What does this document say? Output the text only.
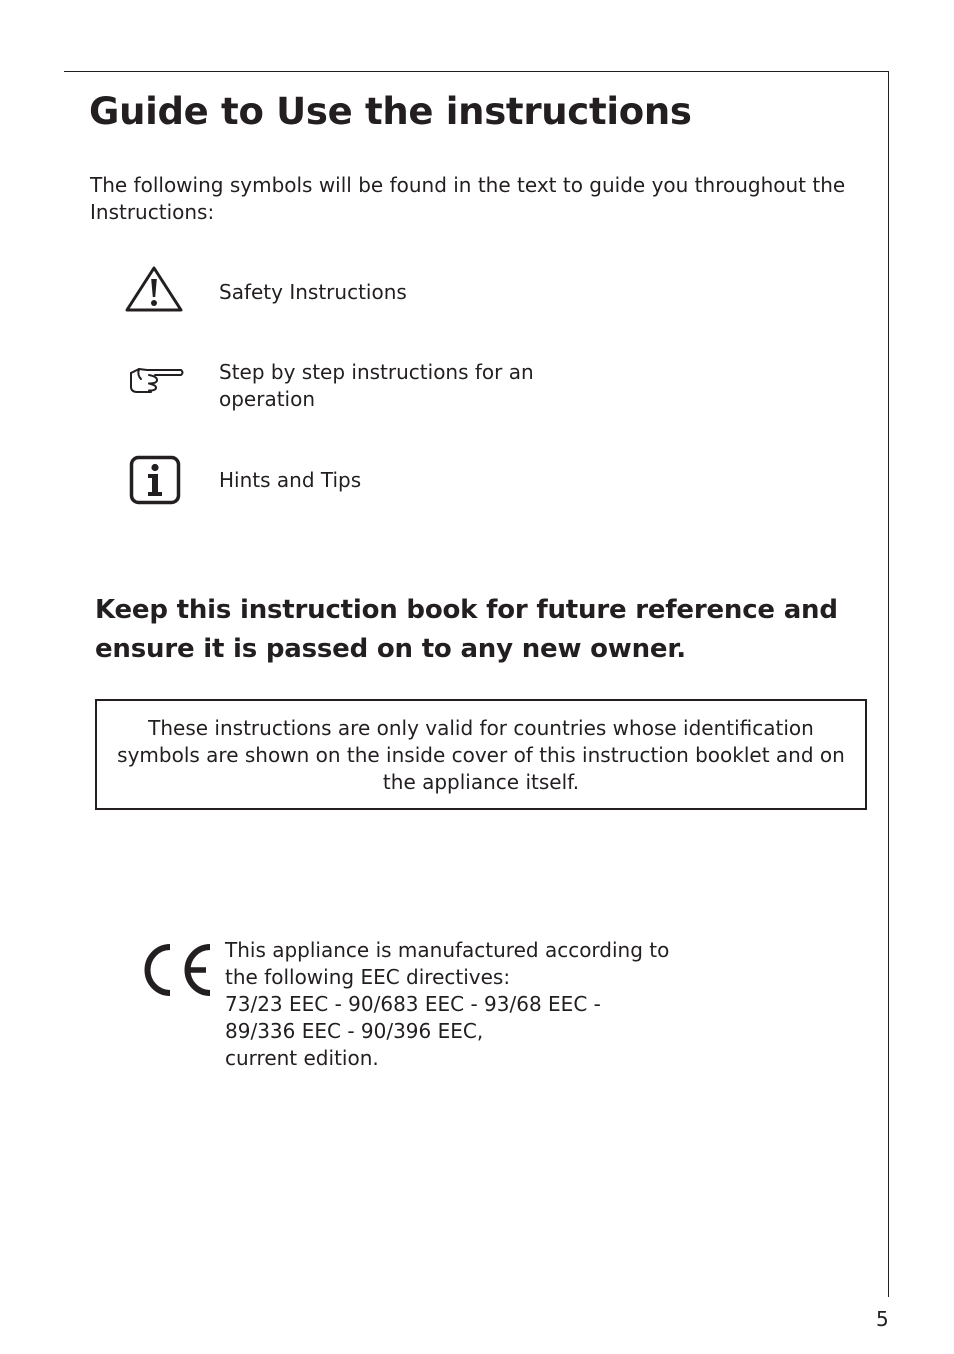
Guide to Use the instructions

The following symbols will be found in the text to guide you throughout the Instructions:

Safety Instructions

Step by step instructions for an operation

Hints and Tips

Keep this instruction book for future reference and ensure it is passed on to any new owner.

These instructions are only valid for countries whose identification symbols are shown on the inside cover of this instruction booklet and on the appliance itself.

This appliance is manufactured according to
the following EEC directives:
73/23 EEC - 90/683 EEC - 93/68 EEC -
89/336 EEC - 90/396 EEC,
current edition.

5
